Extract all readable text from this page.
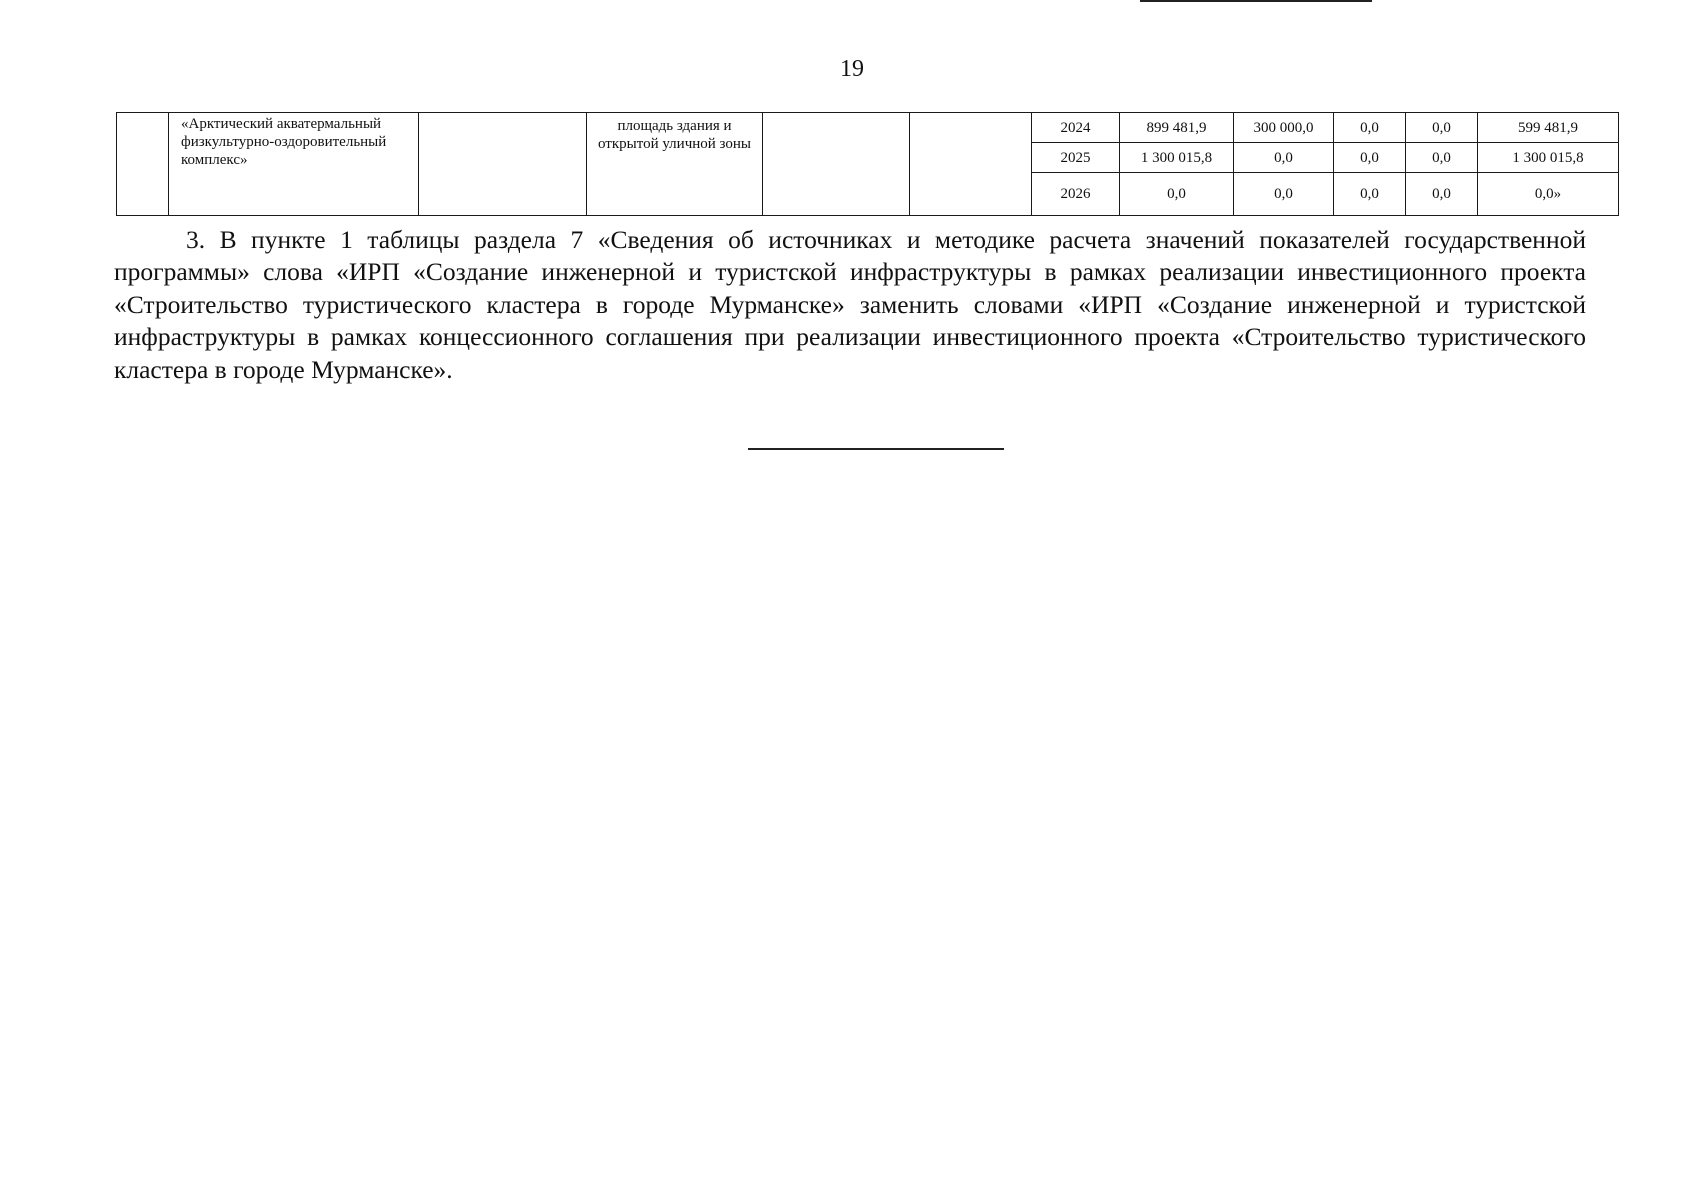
19
	«Арктический акватермальный физкультурно-оздоровительный комплекс»		площадь здания и открытой уличной зоны			2024	899 481,9	300 000,0	0,0	0,0	599 481,9
						2025	1 300 015,8	0,0	0,0	0,0	1 300 015,8
						2026	0,0	0,0	0,0	0,0	0,0»

3. В пункте 1 таблицы раздела 7 «Сведения об источниках и методике расчета значений показателей государственной программы» слова «ИРП «Создание инженерной и туристской инфраструктуры в рамках реализации инвестиционного проекта «Строительство туристического кластера в городе Мурманске» заменить словами «ИРП «Создание инженерной и туристской инфраструктуры в рамках концессионного соглашения при реализации инвестиционного проекта «Строительство туристического кластера в городе Мурманске».
